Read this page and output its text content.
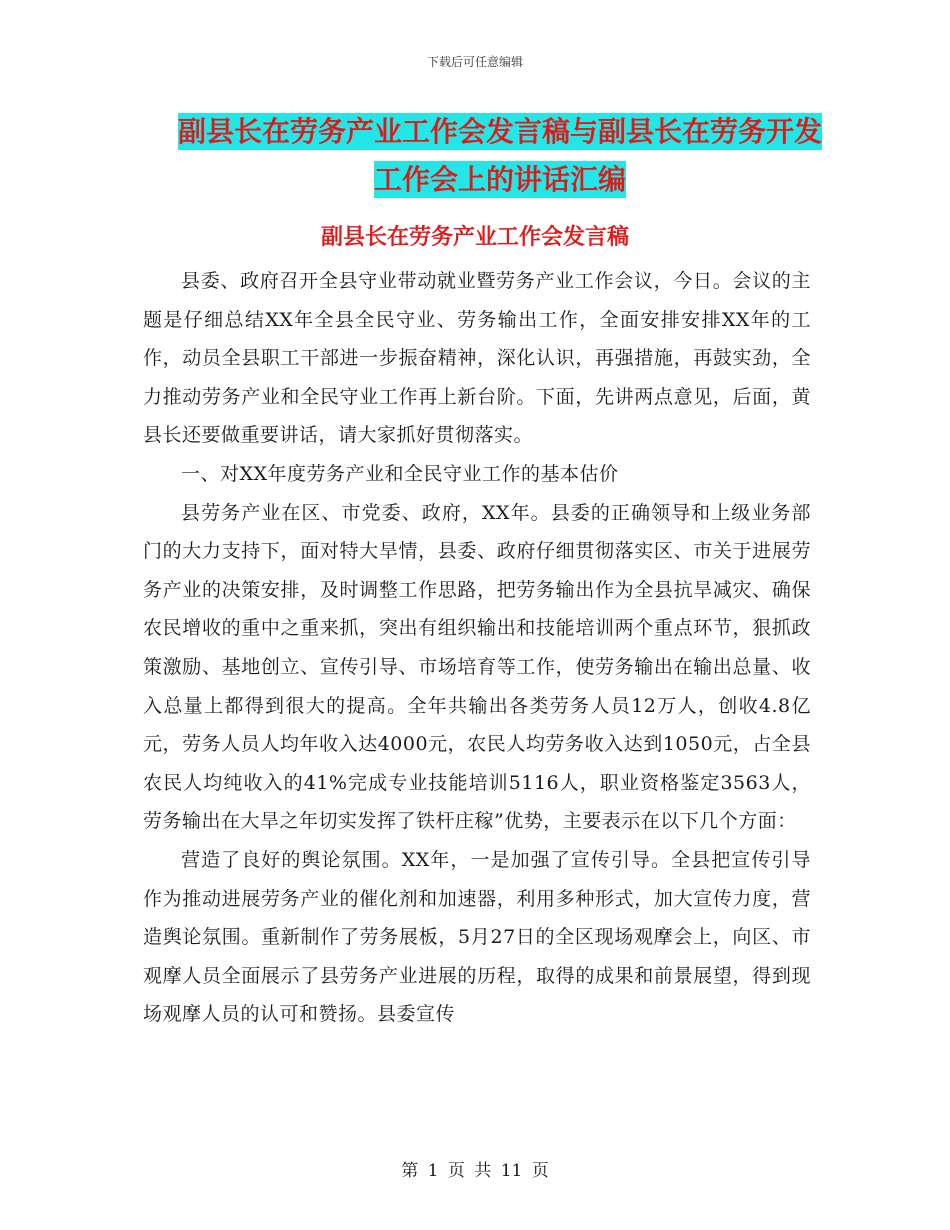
下载后可任意编辑
副县长在劳务产业工作会发言稿与副县长在劳务开发
工作会上的讲话汇编
副县长在劳务产业工作会发言稿

县委、政府召开全县守业带动就业暨劳务产业工作会议，今日。会议的主题是仔细总结XX年全县全民守业、劳务输出工作，全面安排安排XX年的工作，动员全县职工干部进一步振奋精神，深化认识，再强措施，再鼓实劲，全力推动劳务产业和全民守业工作再上新台阶。下面，先讲两点意见，后面，黄县长还要做重要讲话，请大家抓好贯彻落实。

一、对XX年度劳务产业和全民守业工作的基本估价

县劳务产业在区、市党委、政府，XX年。县委的正确领导和上级业务部门的大力支持下，面对特大旱情，县委、政府仔细贯彻落实区、市关于进展劳务产业的决策安排，及时调整工作思路，把劳务输出作为全县抗旱减灾、确保农民增收的重中之重来抓，突出有组织输出和技能培训两个重点环节，狠抓政策激励、基地创立、宣传引导、市场培育等工作，使劳务输出在输出总量、收入总量上都得到很大的提高。全年共输出各类劳务人员12万人，创收4.8亿元，劳务人员人均年收入达4000元，农民人均劳务收入达到1050元，占全县农民人均纯收入的41%完成专业技能培训5116人，职业资格鉴定3563人，劳务输出在大旱之年切实发挥了铁杆庄稼”优势，主要表示在以下几个方面：

营造了良好的舆论氛围。XX年，一是加强了宣传引导。全县把宣传引导作为推动进展劳务产业的催化剂和加速器，利用多种形式，加大宣传力度，营造舆论氛围。重新制作了劳务展板，5月27日的全区现场观摩会上，向区、市观摩人员全面展示了县劳务产业进展的历程，取得的成果和前景展望，得到现场观摩人员的认可和赞扬。县委宣传

第 1 页 共 11 页
